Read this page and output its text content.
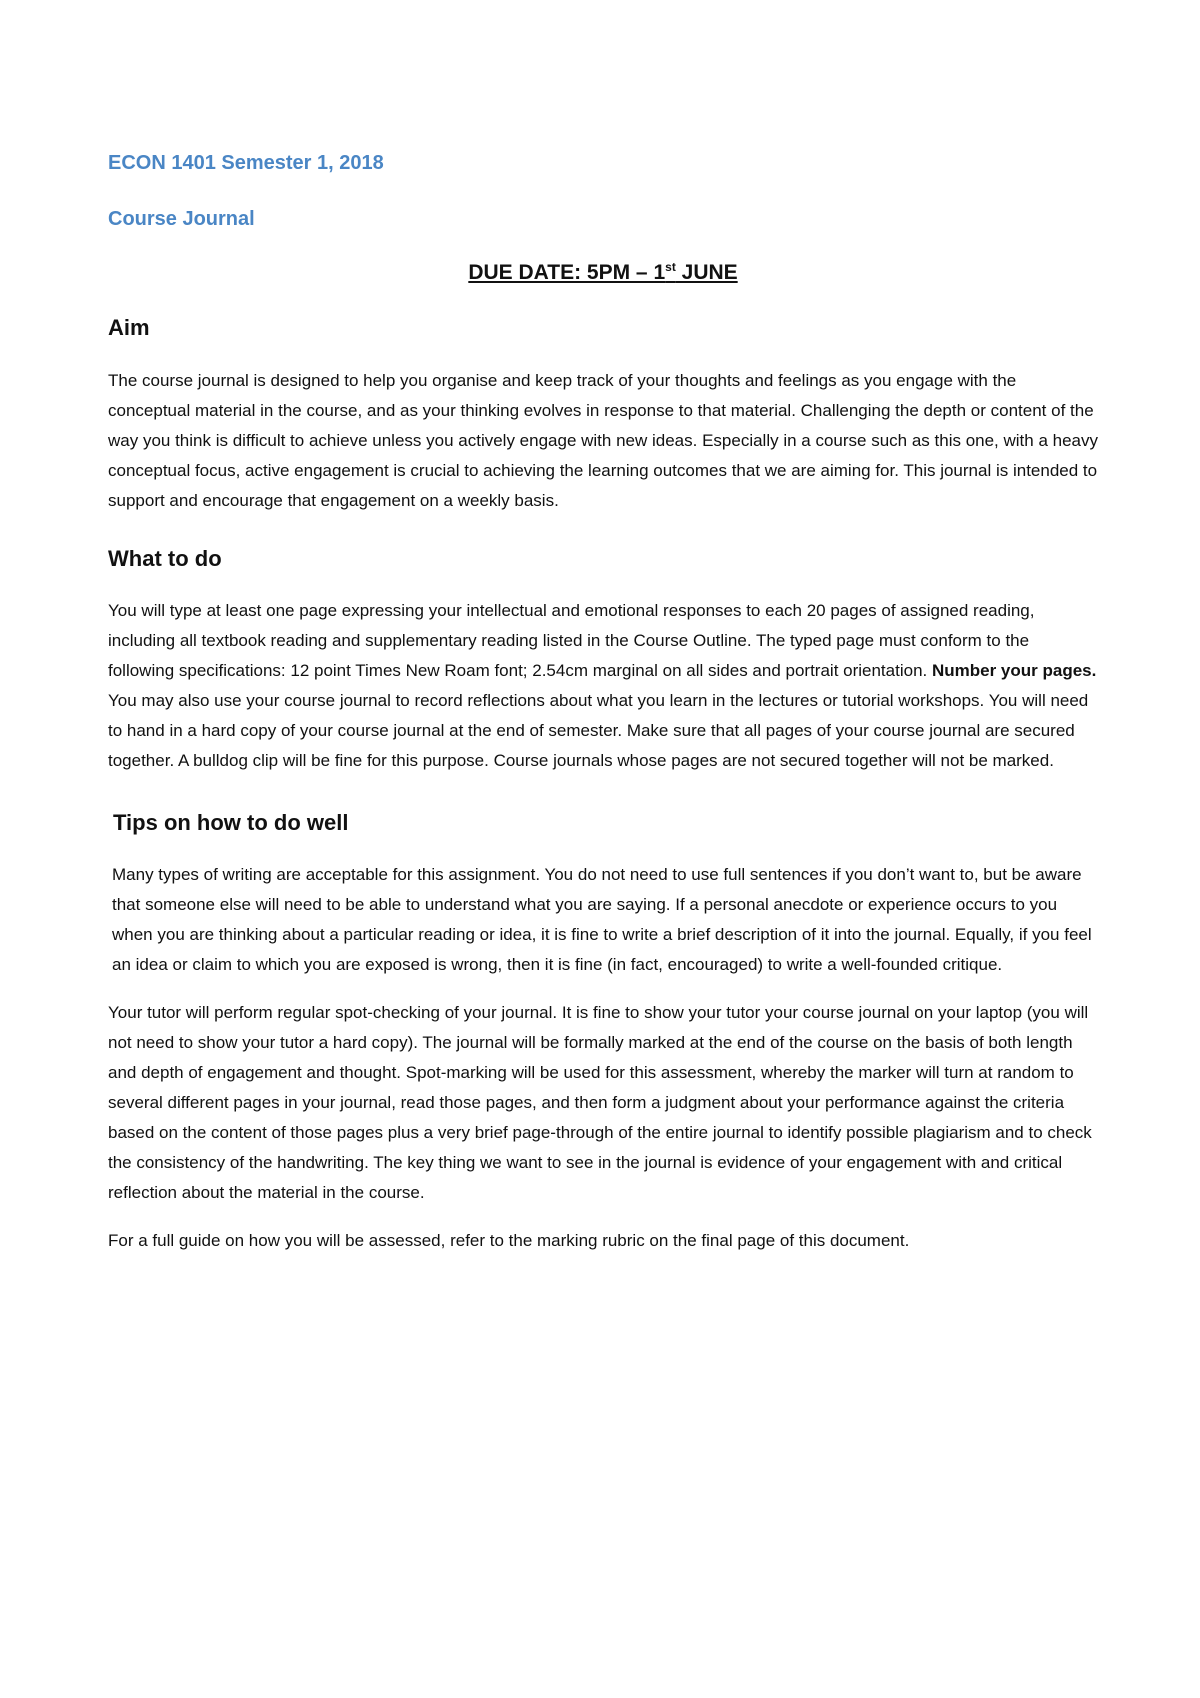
ECON 1401 Semester 1, 2018

Course Journal

DUE DATE: 5PM – 1st JUNE
Aim

The course journal is designed to help you organise and keep track of your thoughts and feelings as you engage with the conceptual material in the course, and as your thinking evolves in response to that material. Challenging the depth or content of the way you think is difficult to achieve unless you actively engage with new ideas. Especially in a course such as this one, with a heavy conceptual focus, active engagement is crucial to achieving the learning outcomes that we are aiming for. This journal is intended to support and encourage that engagement on a weekly basis.

What to do

You will type at least one page expressing your intellectual and emotional responses to each 20 pages of assigned reading, including all textbook reading and supplementary reading listed in the Course Outline. The typed page must conform to the following specifications: 12 point Times New Roam font; 2.54cm marginal on all sides and portrait orientation. Number your pages. You may also use your course journal to record reflections about what you learn in the lectures or tutorial workshops. You will need to hand in a hard copy of your course journal at the end of semester. Make sure that all pages of your course journal are secured together. A bulldog clip will be fine for this purpose. Course journals whose pages are not secured together will not be marked.

Tips on how to do well

Many types of writing are acceptable for this assignment. You do not need to use full sentences if you don’t want to, but be aware that someone else will need to be able to understand what you are saying. If a personal anecdote or experience occurs to you when you are thinking about a particular reading or idea, it is fine to write a brief description of it into the journal. Equally, if you feel an idea or claim to which you are exposed is wrong, then it is fine (in fact, encouraged) to write a well-founded critique.

Your tutor will perform regular spot-checking of your journal. It is fine to show your tutor your course journal on your laptop (you will not need to show your tutor a hard copy). The journal will be formally marked at the end of the course on the basis of both length and depth of engagement and thought. Spot-marking will be used for this assessment, whereby the marker will turn at random to several different pages in your journal, read those pages, and then form a judgment about your performance against the criteria based on the content of those pages plus a very brief page-through of the entire journal to identify possible plagiarism and to check the consistency of the handwriting. The key thing we want to see in the journal is evidence of your engagement with and critical reflection about the material in the course.

For a full guide on how you will be assessed, refer to the marking rubric on the final page of this document.
